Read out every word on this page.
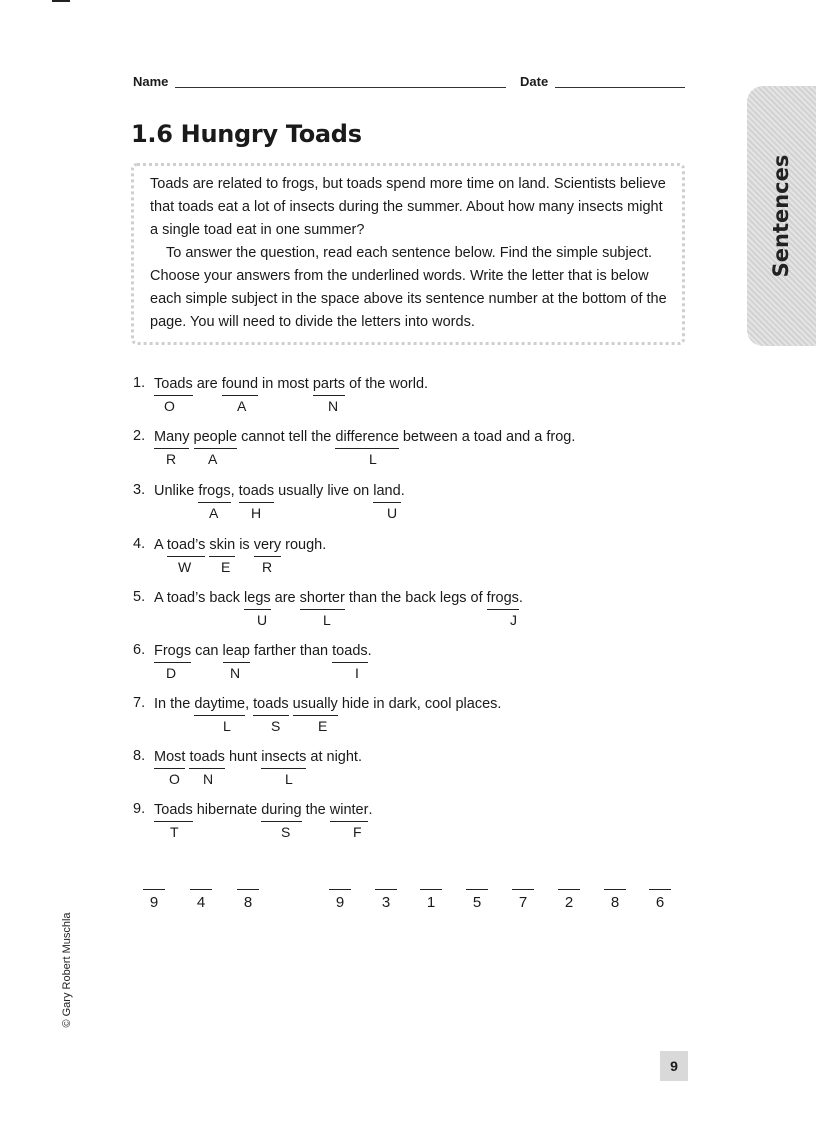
Name	Date
1.6 Hungry Toads

Toads are related to frogs, but toads spend more time on land. Scientists believe that toads eat a lot of insects during the summer. About how many insects might a single toad eat in one summer?

To answer the question, read each sentence below. Find the simple subject. Choose your answers from the underlined words. Write the letter that is below each simple subject in the space above its sentence number at the bottom of the page. You will need to divide the letters into words.

Sentences
1. Toads are found in most parts of the world.
O	A	N
2. Many people cannot tell the difference between a toad and a frog.
R A	L
3. Unlike frogs, toads usually live on land.
A H	U
4. A toad’s skin is very rough.
W E R
5. A toad’s back legs are shorter than the back legs of frogs.
U	L	J
6. Frogs can leap farther than toads.
D	N	I
7. In the daytime, toads usually hide in dark, cool places.
L	S	E
8. Most toads hunt insects at night.
O N	L
9. Toads hibernate during the winter.
T	S	F
9	4	8	9	3	1	5	7	2	8	6
© Gary Robert Muschla
9
